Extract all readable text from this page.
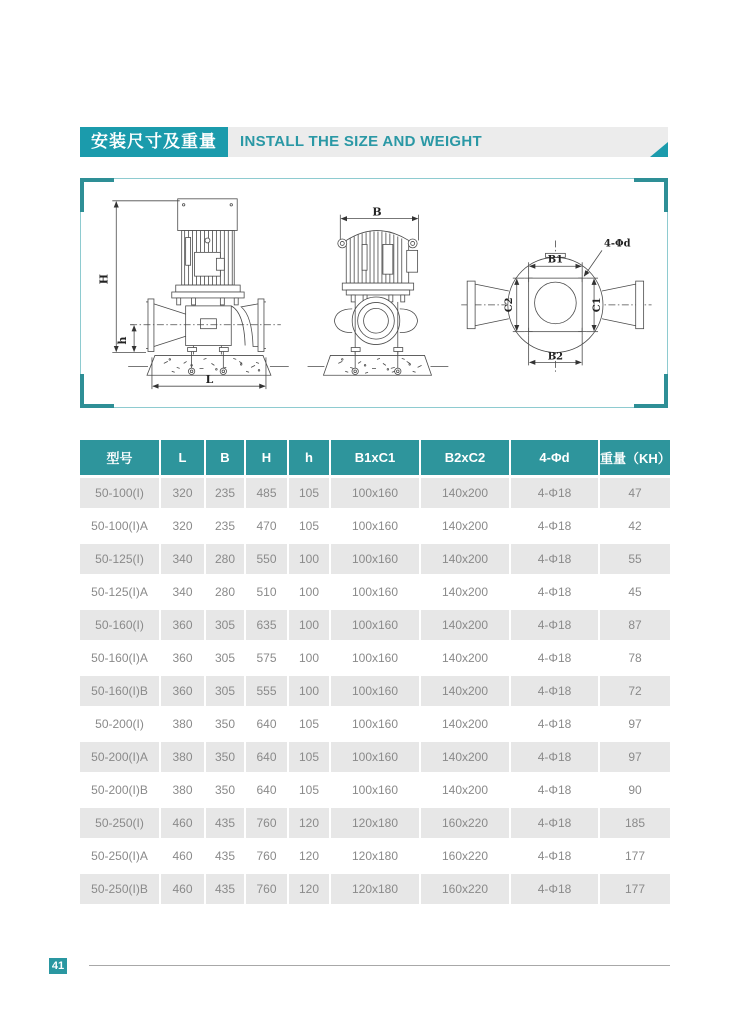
安装尺寸及重量	INSTALL THE SIZE AND WEIGHT
H
h
L
B
B1
B2
C2	C1
4-Φd
型号	L	B	H	h	B1xC1	B2xC2	4-Φd	重量（KH）
50-100(I)	320	235	485	105	100x160	140x200	4-Φ18	47
50-100(I)A	320	235	470	105	100x160	140x200	4-Φ18	42
50-125(I)	340	280	550	100	100x160	140x200	4-Φ18	55
50-125(I)A	340	280	510	100	100x160	140x200	4-Φ18	45
50-160(I)	360	305	635	100	100x160	140x200	4-Φ18	87
50-160(I)A	360	305	575	100	100x160	140x200	4-Φ18	78
50-160(I)B	360	305	555	100	100x160	140x200	4-Φ18	72
50-200(I)	380	350	640	105	100x160	140x200	4-Φ18	97
50-200(I)A	380	350	640	105	100x160	140x200	4-Φ18	97
50-200(I)B	380	350	640	105	100x160	140x200	4-Φ18	90
50-250(I)	460	435	760	120	120x180	160x220	4-Φ18	185
50-250(I)A	460	435	760	120	120x180	160x220	4-Φ18	177
50-250(I)B	460	435	760	120	120x180	160x220	4-Φ18	177
41
